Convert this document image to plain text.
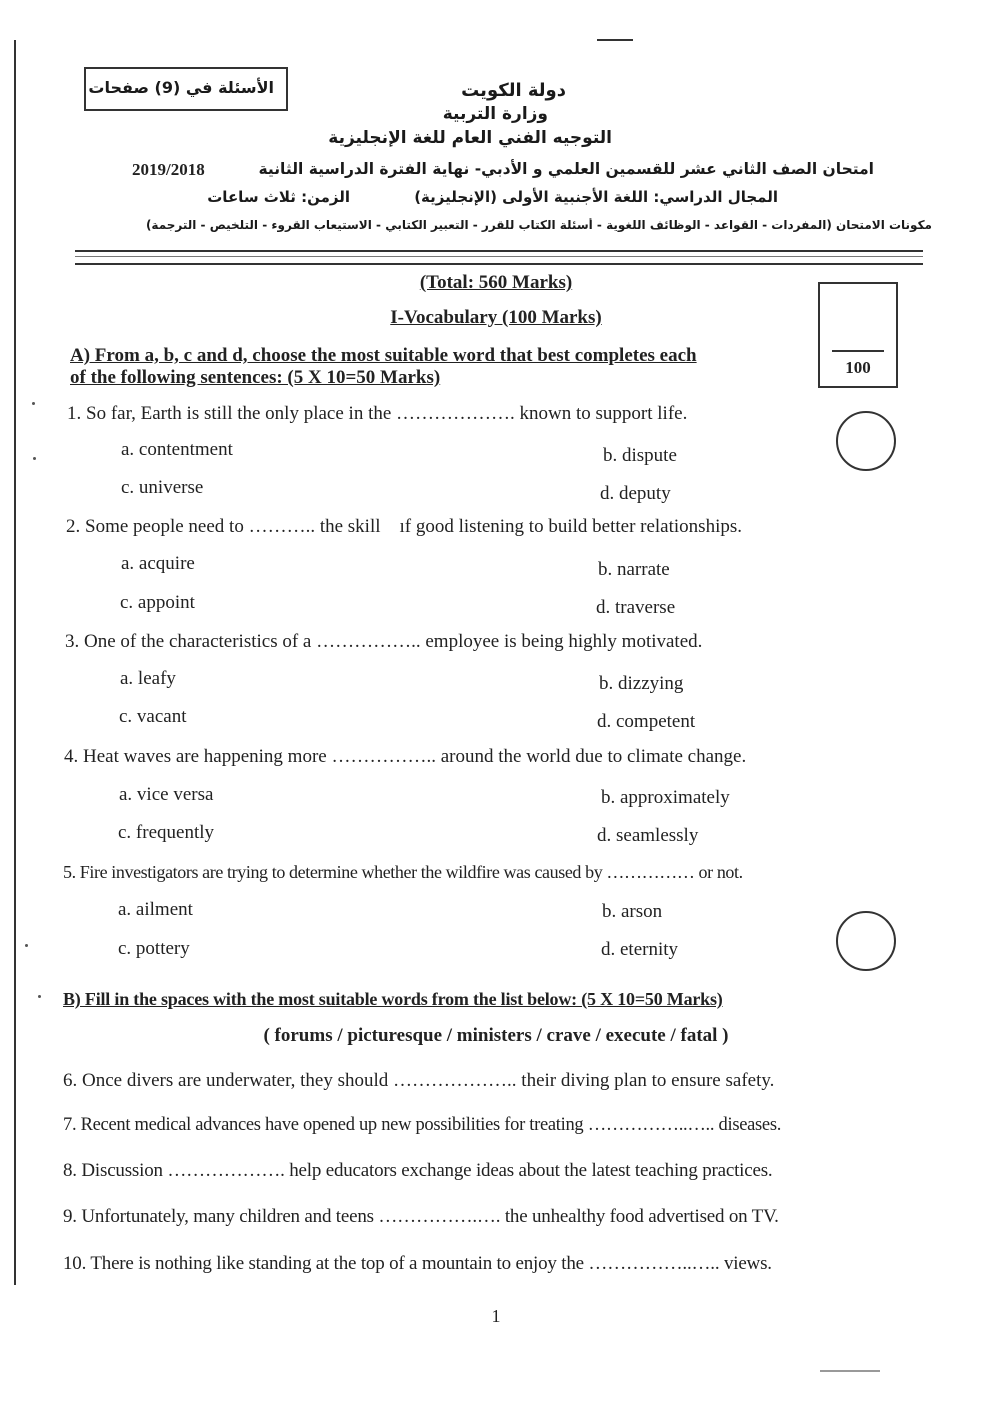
الأسئلة في (9) صفحات	دولة الكويت
وزارة التربية
التوجيه الفني العام للغة الإنجليزية
امتحان الصف الثاني عشر للقسمين العلمي و الأدبي- نهاية الفترة الدراسية الثانية
2019/2018
المجال الدراسي: اللغة الأجنبية الأولى (الإنجليزية)
الزمن: ثلاث ساعات
مكونات الامتحان (المفردات - القواعد - الوظائف اللغوية - أسئلة الكتاب للقرر - التعبير الكتابي - الاستيعاب القروء - التلخيص - الترجمة)
(Total: 560 Marks)
I-Vocabulary (100 Marks)
100
A) From a, b, c and d, choose the most suitable word that best completes each
of the following sentences: (5 X 10=50 Marks)
1. So far, Earth is still the only place in the ………………. known to support life.
a. contentment	b. dispute
c. universe	d. deputy
2. Some people need to ……….. the skill    ıf good listening to build better relationships.
a. acquire	b. narrate
c. appoint	d. traverse
3. One of the characteristics of a …………….. employee is being highly motivated.
a. leafy	b. dizzying
c. vacant	d. competent
4. Heat waves are happening more …………….. around the world due to climate change.
a. vice versa	b. approximately
c. frequently	d. seamlessly
5. Fire investigators are trying to determine whether the wildfire was caused by …………… or not.
a. ailment	b. arson
c. pottery	d. eternity
B) Fill in the spaces with the most suitable words from the list below: (5 X 10=50 Marks)
( forums / picturesque / ministers / crave / execute / fatal )
6. Once divers are underwater, they should ……………….. their diving plan to ensure safety.
7. Recent medical advances have opened up new possibilities for treating ……………..….. diseases.
8. Discussion ………………. help educators exchange ideas about the latest teaching practices.
9. Unfortunately, many children and teens …………….…. the unhealthy food advertised on TV.
10. There is nothing like standing at the top of a mountain to enjoy the ……………..….. views.
1
